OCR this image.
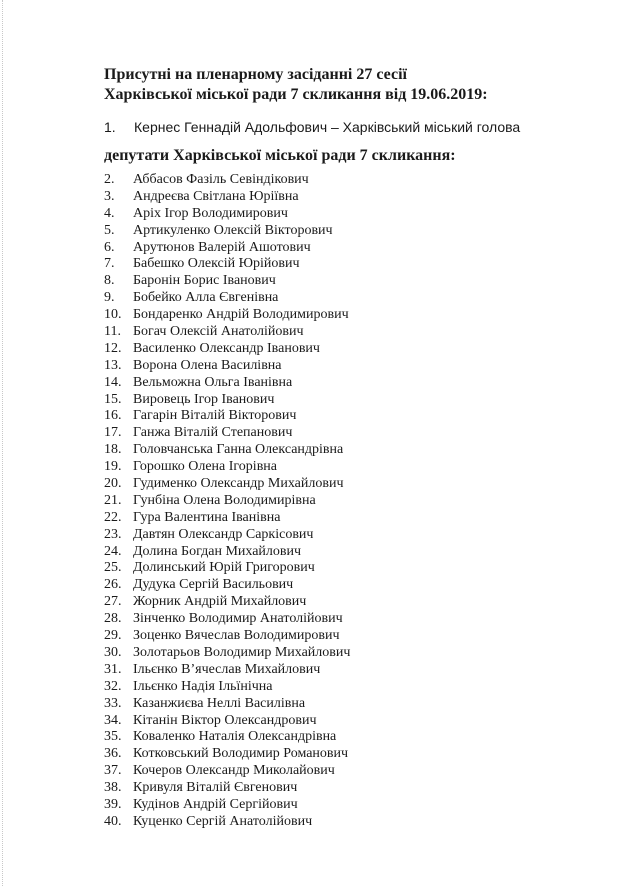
Присутні на пленарному засіданні 27 сесії
Харківської міської ради 7 скликання від 19.06.2019:
1. Кернес Геннадій Адольфович – Харківський міський голова
депутати Харківської міської ради 7 скликання:
2. Аббасов Фазіль Севіндікович
3. Андреєва Світлана Юріївна
4. Аріх Ігор Володимирович
5. Артикуленко Олексій Вікторович
6. Арутюнов Валерій Ашотович
7. Бабешко Олексій Юрійович
8. Баронін Борис Іванович
9. Бобейко Алла Євгенівна
10. Бондаренко Андрій Володимирович
11. Богач Олексій Анатолійович
12. Василенко Олександр Іванович
13. Ворона Олена Василівна
14. Вельможна Ольга Іванівна
15. Вировець Ігор Іванович
16. Гагарін Віталій Вікторович
17. Ганжа Віталій Степанович
18. Головчанська Ганна Олександрівна
19. Горошко Олена Ігорівна
20. Гудименко Олександр Михайлович
21. Гунбіна Олена Володимирівна
22. Гура Валентина Іванівна
23. Давтян Олександр Саркісович
24. Долина Богдан Михайлович
25. Долинський Юрій Григорович
26. Дудука Сергій Васильович
27. Жорник Андрій Михайлович
28. Зінченко Володимир Анатолійович
29. Зоценко Вячеслав Володимирович
30. Золотарьов Володимир Михайлович
31. Ільєнко В’ячеслав Михайлович
32. Ільєнко Надія Ільїнічна
33. Казанжиєва Неллі Василівна
34. Кітанін Віктор Олександрович
35. Коваленко Наталія Олександрівна
36. Котковський Володимир Романович
37. Кочеров Олександр Миколайович
38. Кривуля Віталій Євгенович
39. Кудінов Андрій Сергійович
40. Куценко Сергій Анатолійович
